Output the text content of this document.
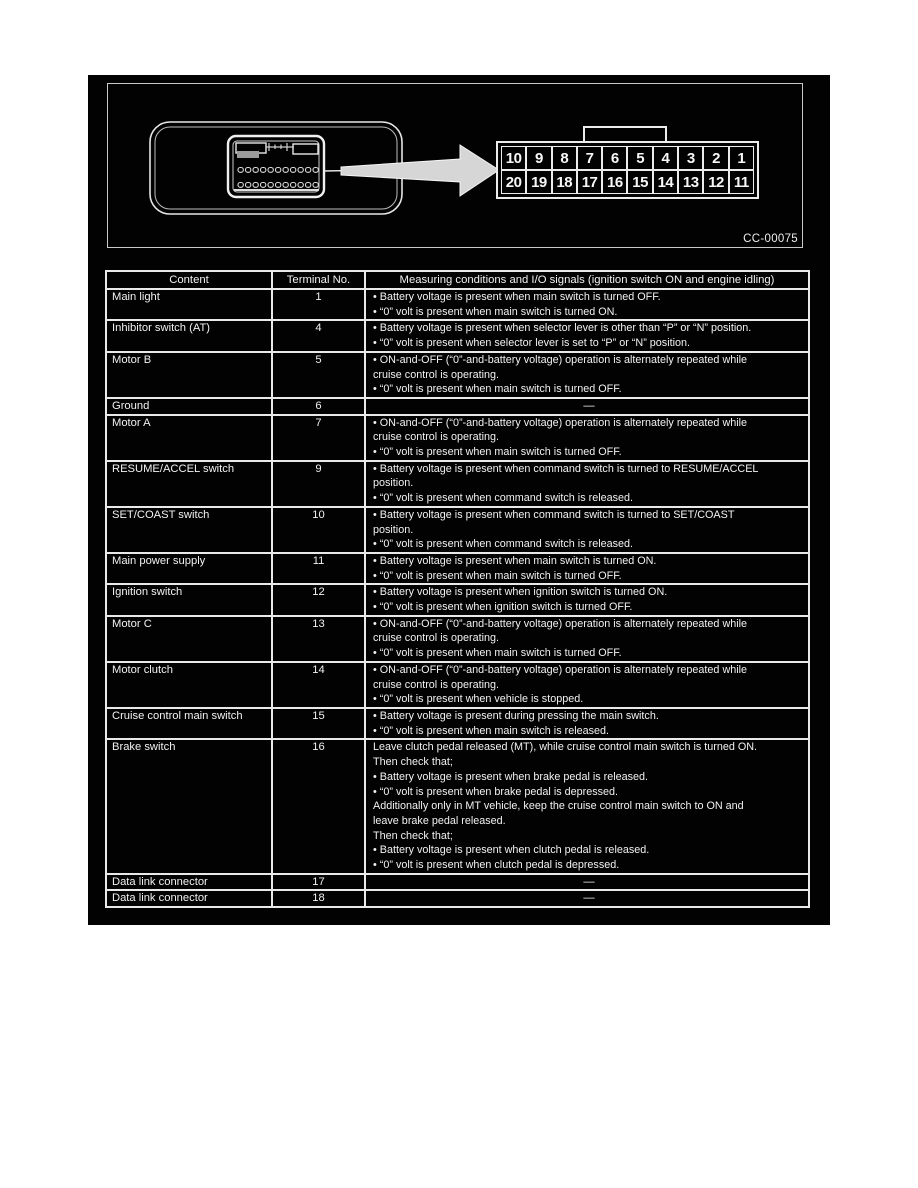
10 9	8	7	6	5	4	3	2	1
20 19 18 17 16 15 14 13 12 11
CC-00075
Content	Terminal No.	Measuring conditions and I/O signals (ignition switch ON and engine idling)
Main light	1	• Battery voltage is present when main switch is turned OFF.
• “0” volt is present when main switch is turned ON.

Inhibitor switch (AT)	4	• Battery voltage is present when selector lever is other than “P” or “N” position.
• “0” volt is present when selector lever is set to “P” or “N” position.

Motor B	5	• ON-and-OFF (“0”-and-battery voltage) operation is alternately repeated while
cruise control is operating.
• “0” volt is present when main switch is turned OFF.

Ground	6	—
Motor A	7	• ON-and-OFF (“0”-and-battery voltage) operation is alternately repeated while
cruise control is operating.
• “0” volt is present when main switch is turned OFF.

RESUME/ACCEL switch	9	• Battery voltage is present when command switch is turned to RESUME/ACCEL
position.
• “0” volt is present when command switch is released.

SET/COAST switch	10	• Battery voltage is present when command switch is turned to SET/COAST
position.
• “0” volt is present when command switch is released.

Main power supply	11	• Battery voltage is present when main switch is turned ON.
• “0” volt is present when main switch is turned OFF.

Ignition switch	12	• Battery voltage is present when ignition switch is turned ON.
• “0” volt is present when ignition switch is turned OFF.

Motor C	13	• ON-and-OFF (“0”-and-battery voltage) operation is alternately repeated while
cruise control is operating.
• “0” volt is present when main switch is turned OFF.

Motor clutch	14	• ON-and-OFF (“0”-and-battery voltage) operation is alternately repeated while
cruise control is operating.
• “0” volt is present when vehicle is stopped.

Cruise control main switch	15	• Battery voltage is present during pressing the main switch.
• “0” volt is present when main switch is released.

Brake switch	16	Leave clutch pedal released (MT), while cruise control main switch is turned ON.
Then check that;
• Battery voltage is present when brake pedal is released.
• “0” volt is present when brake pedal is depressed.
Additionally only in MT vehicle, keep the cruise control main switch to ON and
leave brake pedal released.
Then check that;
• Battery voltage is present when clutch pedal is released.
• “0” volt is present when clutch pedal is depressed.

Data link connector	17	—
Data link connector	18	—
